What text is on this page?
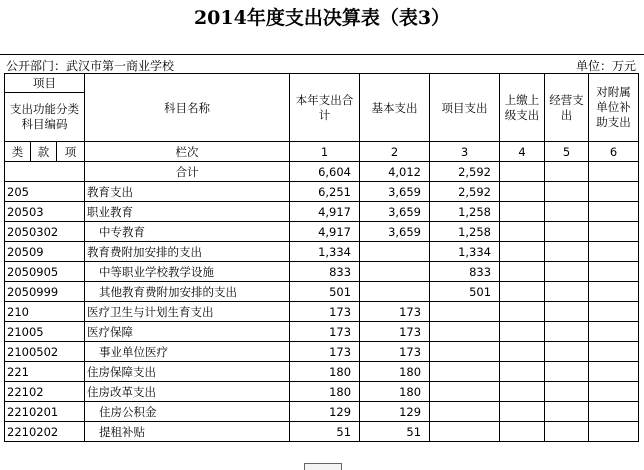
2014年度支出决算表（表3）
公开部门：武汉市第一商业学校	单位：万元
项目			科目名称	本年支出合计	基本支出	项目支出	上缴上级支出	经营支出	对附属单位补助支出
支出功能分类科目编码									
类	款	项							
			栏次	1	2	3	4	5	6
			合计	6,604	4,012	2,592			
205			教育支出	6,251	3,659	2,592			
20503			职业教育	4,917	3,659	1,258			
2050302			中专教育	4,917	3,659	1,258			
20509			教育费附加安排的支出	1,334		1,334			
2050905			中等职业学校教学设施	833		833			
2050999			其他教育费附加安排的支出	501		501			
210			医疗卫生与计划生育支出	173	173				
21005			医疗保障	173	173				
2100502			事业单位医疗	173	173				
221			住房保障支出	180	180				
22102			住房改革支出	180	180				
2210201			住房公积金	129	129				
2210202			提租补贴	51	51				
